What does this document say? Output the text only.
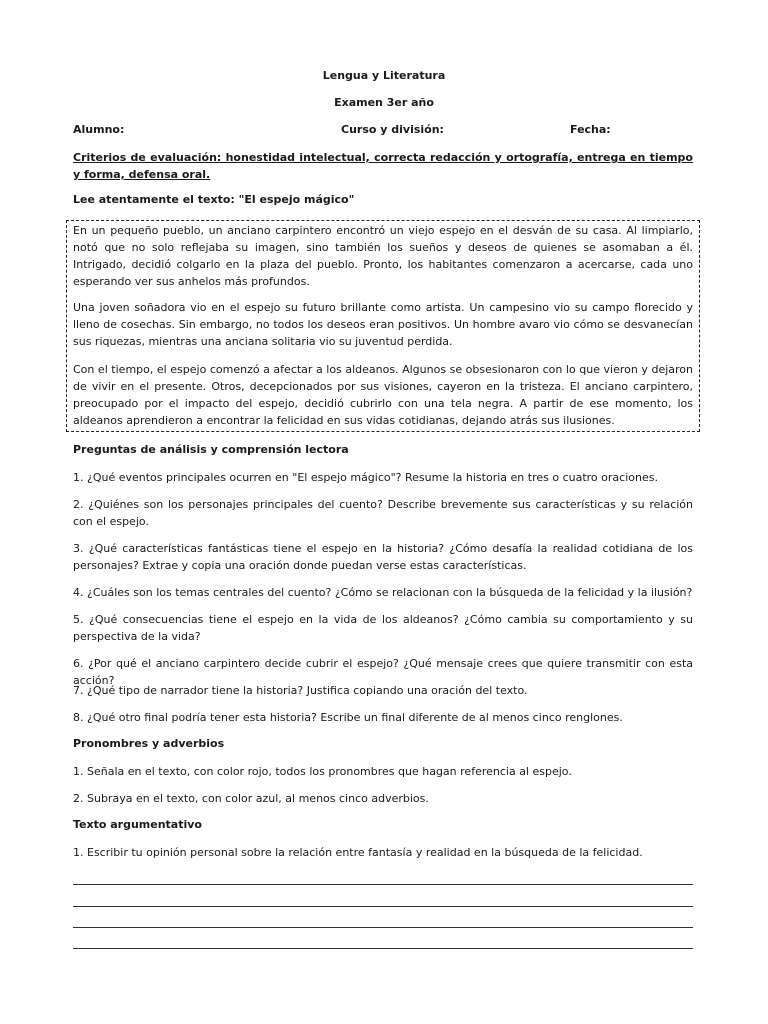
Lengua y Literatura
Examen 3er año
Alumno:	Curso y división:	Fecha:
Criterios de evaluación: honestidad intelectual, correcta redacción y ortografía, entrega en tiempo y forma, defensa oral.
Lee atentamente el texto: "El espejo mágico"
En un pequeño pueblo, un anciano carpintero encontró un viejo espejo en el desván de su casa. Al limpiarlo, notó que no solo reflejaba su imagen, sino también los sueños y deseos de quienes se asomaban a él. Intrigado, decidió colgarlo en la plaza del pueblo. Pronto, los habitantes comenzaron a acercarse, cada uno esperando ver sus anhelos más profundos.
Una joven soñadora vio en el espejo su futuro brillante como artista. Un campesino vio su campo florecido y lleno de cosechas. Sin embargo, no todos los deseos eran positivos. Un hombre avaro vio cómo se desvanecían sus riquezas, mientras una anciana solitaria vio su juventud perdida.
Con el tiempo, el espejo comenzó a afectar a los aldeanos. Algunos se obsesionaron con lo que vieron y dejaron de vivir en el presente. Otros, decepcionados por sus visiones, cayeron en la tristeza. El anciano carpintero, preocupado por el impacto del espejo, decidió cubrirlo con una tela negra. A partir de ese momento, los aldeanos aprendieron a encontrar la felicidad en sus vidas cotidianas, dejando atrás sus ilusiones.
Preguntas de análisis y comprensión lectora
1. ¿Qué eventos principales ocurren en "El espejo mágico"? Resume la historia en tres o cuatro oraciones.
2. ¿Quiénes son los personajes principales del cuento? Describe brevemente sus características y su relación con el espejo.
3. ¿Qué características fantásticas tiene el espejo en la historia? ¿Cómo desafía la realidad cotidiana de los personajes? Extrae y copia una oración donde puedan verse estas características.
4. ¿Cuáles son los temas centrales del cuento? ¿Cómo se relacionan con la búsqueda de la felicidad y la ilusión?
5. ¿Qué consecuencias tiene el espejo en la vida de los aldeanos? ¿Cómo cambia su comportamiento y su perspectiva de la vida?
6. ¿Por qué el anciano carpintero decide cubrir el espejo? ¿Qué mensaje crees que quiere transmitir con esta acción?
7. ¿Qué tipo de narrador tiene la historia? Justifica copiando una oración del texto.
8. ¿Qué otro final podría tener esta historia? Escribe un final diferente de al menos cinco renglones.
Pronombres y adverbios
1. Señala en el texto, con color rojo, todos los pronombres que hagan referencia al espejo.
2. Subraya en el texto, con color azul, al menos cinco adverbios.
Texto argumentativo
1. Escribir tu opinión personal sobre la relación entre fantasía y realidad en la búsqueda de la felicidad.
